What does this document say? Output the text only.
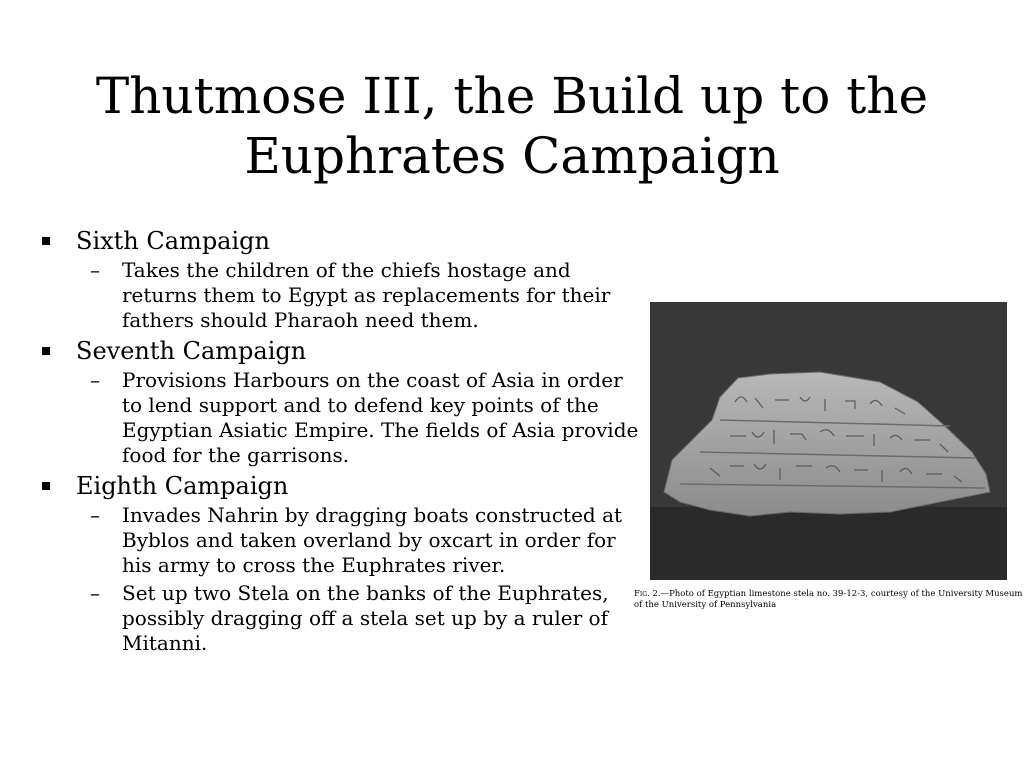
Thutmose III, the Build up to the
Euphrates Campaign
Sixth Campaign
– Takes the children of the chiefs hostage and returns them to Egypt as replacements for their fathers should Pharaoh need them.
Seventh Campaign
– Provisions Harbours on the coast of Asia in order to lend support and to defend key points of the Egyptian Asiatic Empire. The fields of Asia provide food for the garrisons.
Eighth Campaign
– Invades Nahrin by dragging boats constructed at Byblos and taken overland by oxcart in order for his army to cross the Euphrates river.
– Set up two Stela on the banks of the Euphrates, possibly dragging off a stela set up by a ruler of Mitanni.
Fig. 2.—Photo of Egyptian limestone stela no. 39-12-3, courtesy of the University Museum of the University of Pennsylvania
